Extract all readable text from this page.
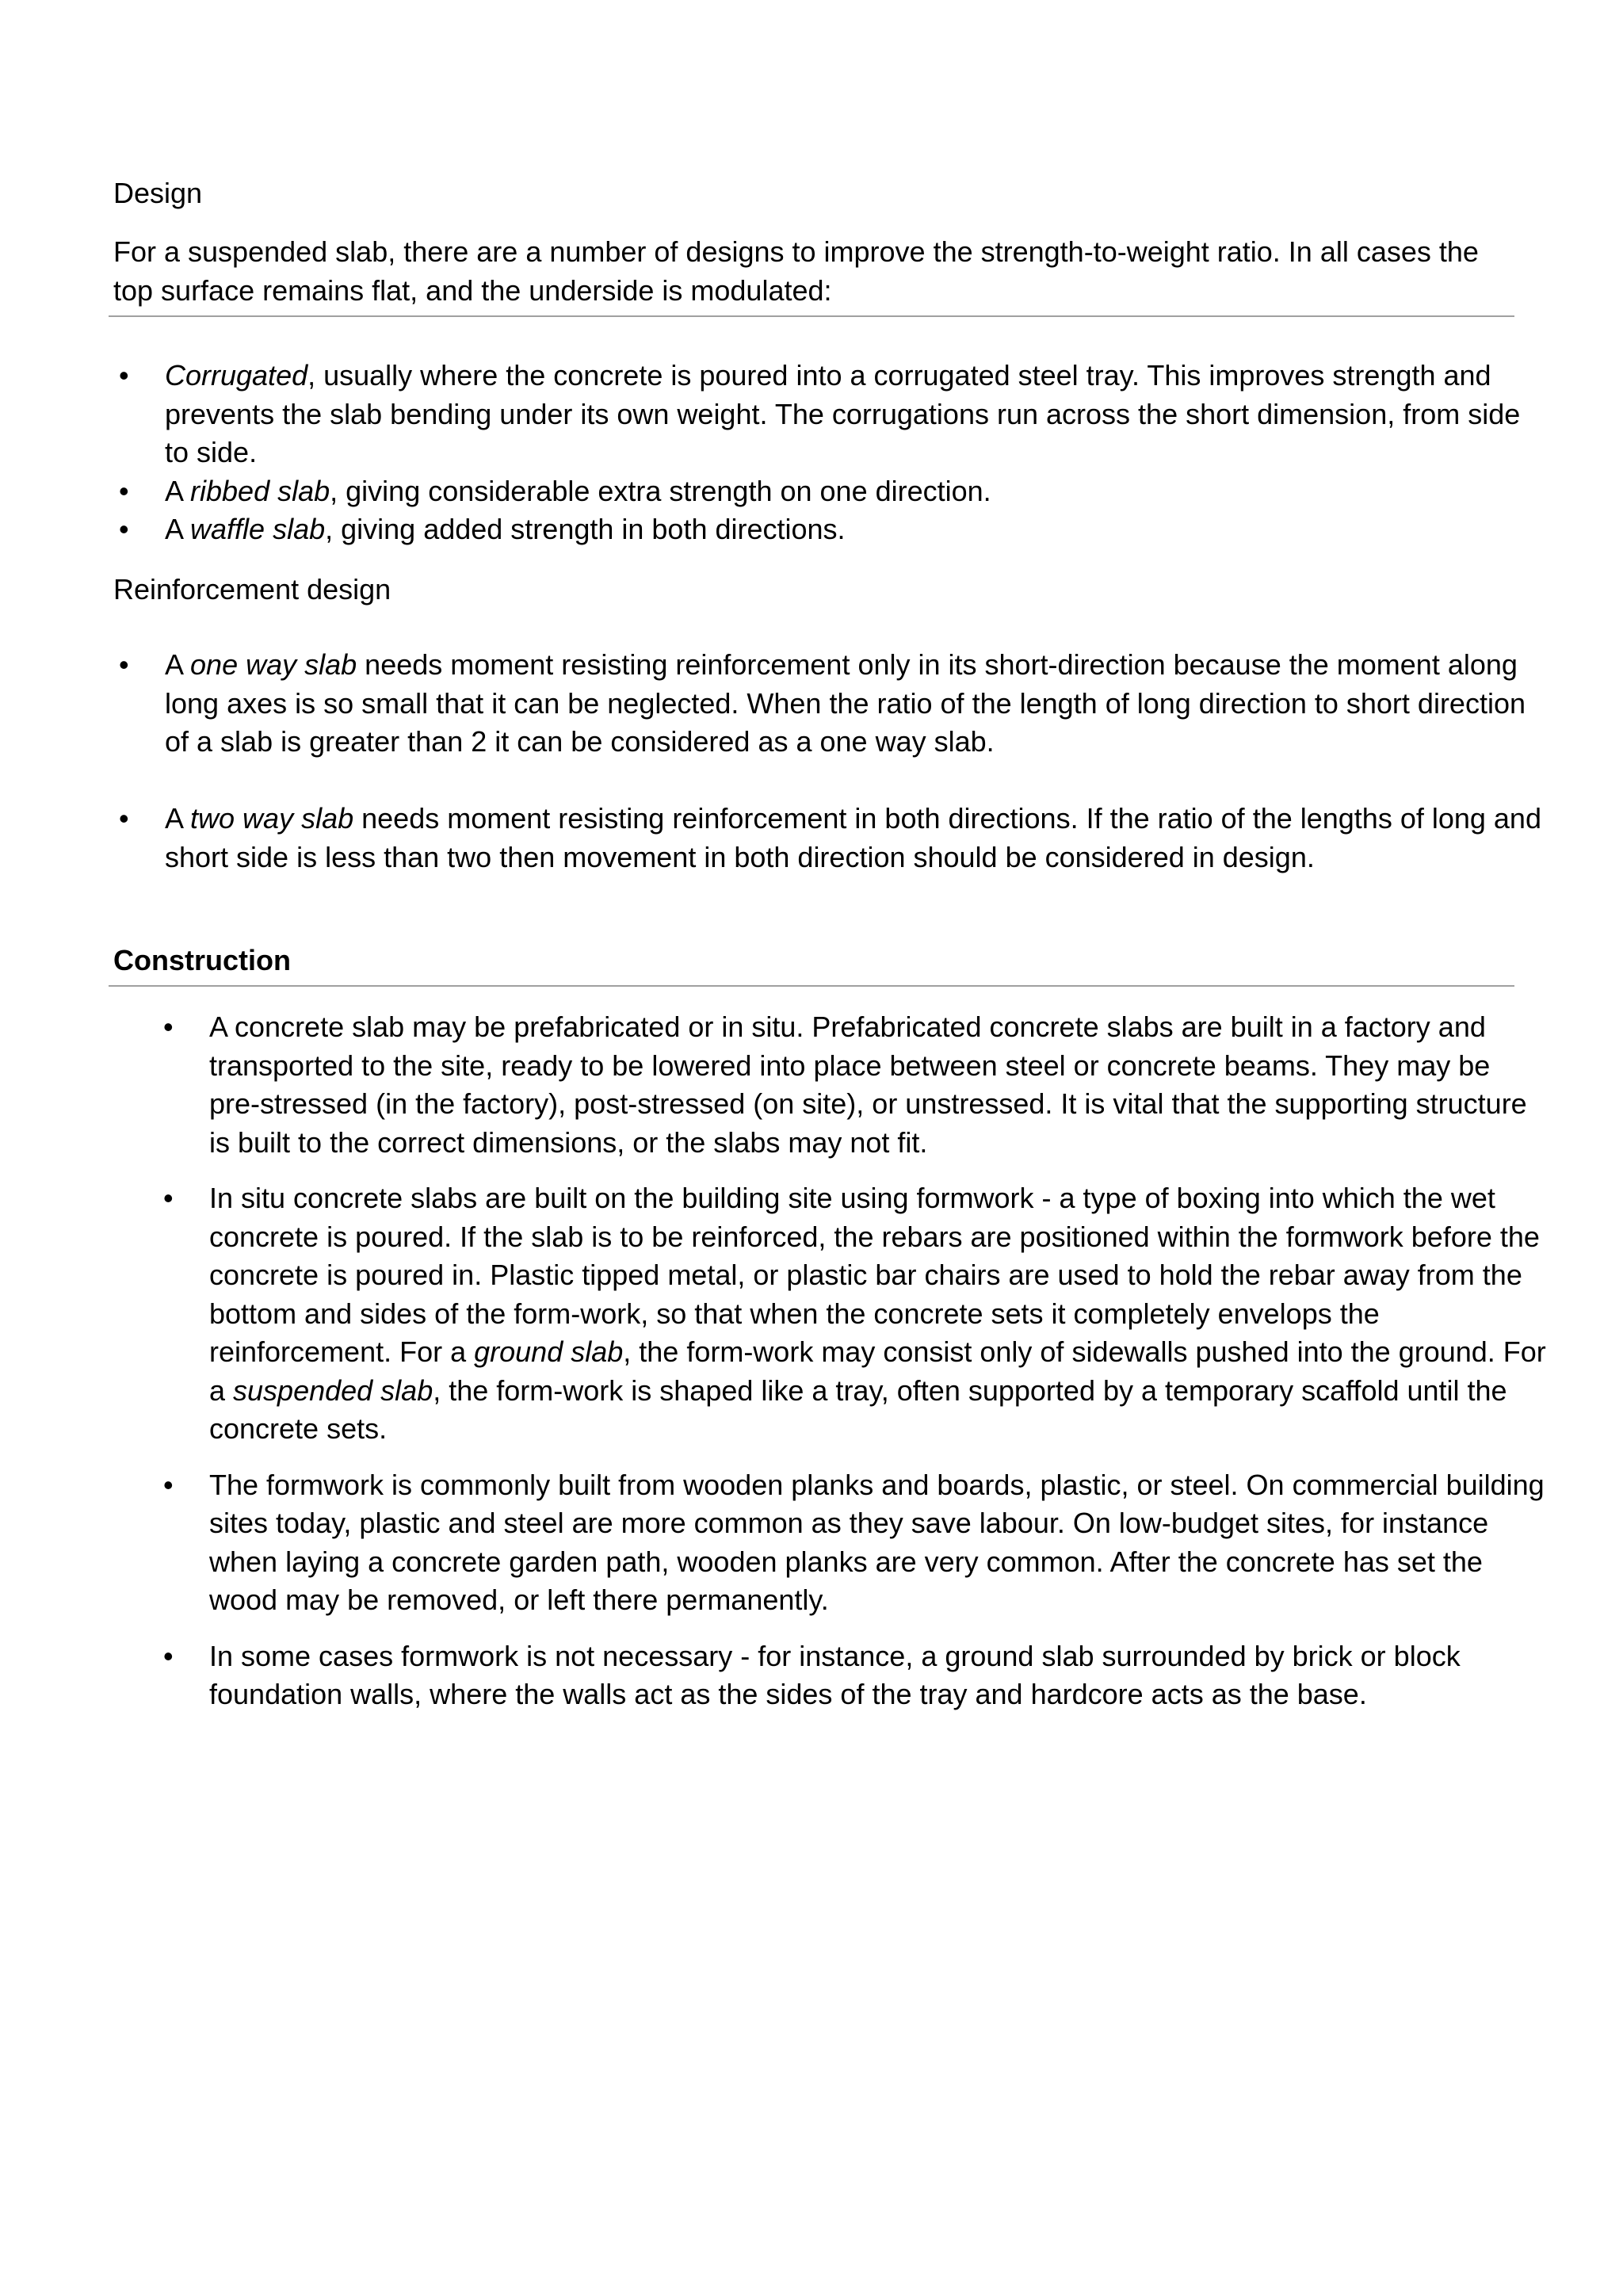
Design
For a suspended slab, there are a number of designs to improve the strength-to-weight ratio. In all cases the top surface remains flat, and the underside is modulated:
•	Corrugated, usually where the concrete is poured into a corrugated steel tray. This improves strength and prevents the slab bending under its own weight. The corrugations run across the short dimension, from side to side.
•	A ribbed slab, giving considerable extra strength on one direction.
•	A waffle slab, giving added strength in both directions.
Reinforcement design
•	A one way slab needs moment resisting reinforcement only in its short-direction because the moment along long axes is so small that it can be neglected. When the ratio of the length of long direction to short direction of a slab is greater than 2 it can be considered as a one way slab.
•	A two way slab needs moment resisting reinforcement in both directions. If the ratio of the lengths of long and short side is less than two then movement in both direction should be considered in design.
Construction
•	A concrete slab may be prefabricated or in situ. Prefabricated concrete slabs are built in a factory and transported to the site, ready to be lowered into place between steel or concrete beams. They may be pre-stressed (in the factory), post-stressed (on site), or unstressed. It is vital that the supporting structure is built to the correct dimensions, or the slabs may not fit.
•	In situ concrete slabs are built on the building site using formwork - a type of boxing into which the wet concrete is poured. If the slab is to be reinforced, the rebars are positioned within the formwork before the concrete is poured in. Plastic tipped metal, or plastic bar chairs are used to hold the rebar away from the bottom and sides of the form-work, so that when the concrete sets it completely envelops the reinforcement. For a ground slab, the form-work may consist only of sidewalls pushed into the ground. For a suspended slab, the form-work is shaped like a tray, often supported by a temporary scaffold until the concrete sets.
•	The formwork is commonly built from wooden planks and boards, plastic, or steel. On commercial building sites today, plastic and steel are more common as they save labour. On low-budget sites, for instance when laying a concrete garden path, wooden planks are very common. After the concrete has set the wood may be removed, or left there permanently.
•	In some cases formwork is not necessary - for instance, a ground slab surrounded by brick or block foundation walls, where the walls act as the sides of the tray and hardcore acts as the base.
